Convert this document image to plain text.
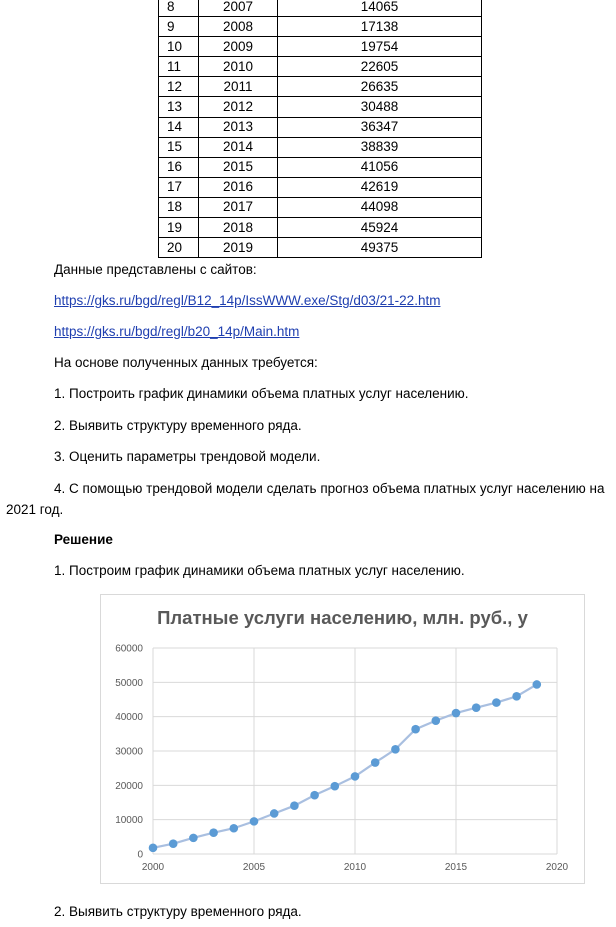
8	2007	14065
9	2008	17138
10	2009	19754
11	2010	22605
12	2011	26635
13	2012	30488
14	2013	36347
15	2014	38839
16	2015	41056
17	2016	42619
18	2017	44098
19	2018	45924
20	2019	49375
Данные представлены с сайтов:
https://gks.ru/bgd/regl/B12_14p/IssWWW.exe/Stg/d03/21-22.htm
https://gks.ru/bgd/regl/b20_14p/Main.htm
На основе полученных данных требуется:
1. Построить график динамики объема платных услуг населению.
2. Выявить структуру временного ряда.
3. Оценить параметры трендовой модели.
4. С помощью трендовой модели сделать прогноз объема платных услуг населению на
2021 год.
Решение
1. Построим график динамики объема платных услуг населению.
Платные услуги населению, млн. руб., y
0
10000
20000
30000
40000
50000
60000
2000	2005	2010	2015	2020
2. Выявить структуру временного ряда.
